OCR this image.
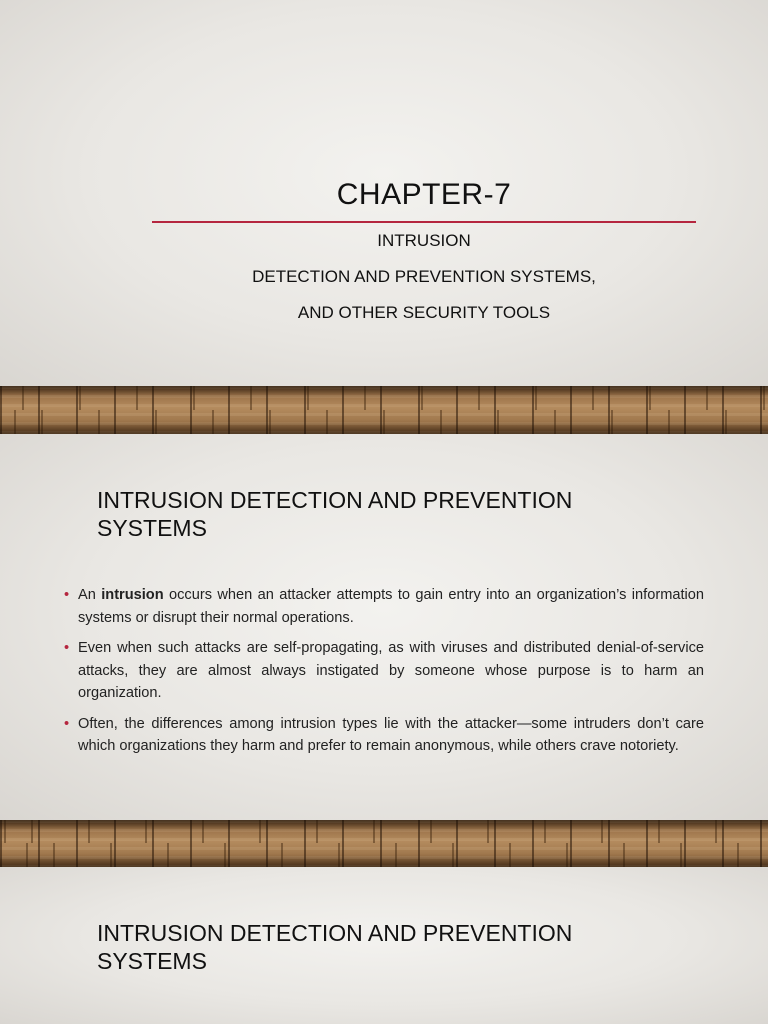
CHAPTER-7
INTRUSION
DETECTION AND PREVENTION SYSTEMS,
AND OTHER SECURITY TOOLS
INTRUSION DETECTION AND PREVENTION
SYSTEMS
• An intrusion occurs when an attacker attempts to gain entry into an organization’s information systems or disrupt their normal operations.
• Even when such attacks are self-propagating, as with viruses and distributed denial-of-service attacks, they are almost always instigated by someone whose purpose is to harm an organization.
• Often, the differences among intrusion types lie with the attacker—some intruders don’t care which organizations they harm and prefer to remain anonymous, while others crave notoriety.
INTRUSION DETECTION AND PREVENTION
SYSTEMS
